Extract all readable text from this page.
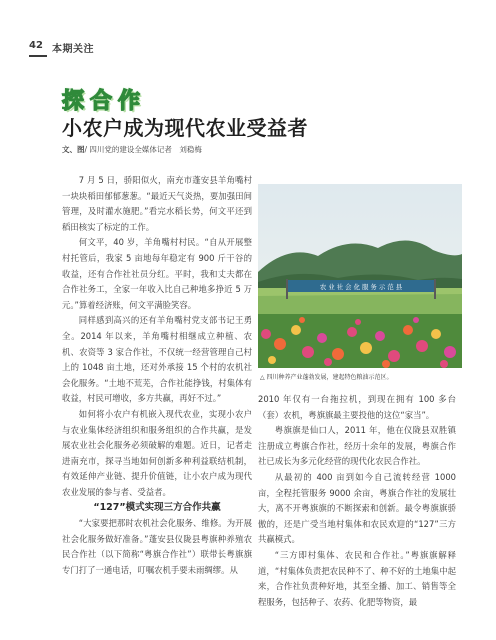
42 本期关注
探合作
小农户成为现代农业受益者
文、图/ 四川党的建设全媒体记者　刘稳梅

7 月 5 日，骄阳似火，南充市蓬安县羊角嘴村一块块稻田郁郁葱葱。“最近天气炎热，要加强田间管理，及时灌水施肥。”看完水稻长势，何文平还到稻田核实了标定的工作。

何文平，40 岁，羊角嘴村村民。“自从开展整村托管后，我家 5 亩地每年稳定有 900 斤干谷的收益，还有合作社社员分红。平时，我和丈夫都在合作社务工，全家一年收入比自己种地多挣近 5 万元。”算着经济账，何文平满脸笑容。

同样感到高兴的还有羊角嘴村党支部书记王勇全。2014 年以来，羊角嘴村相继成立种植、农机、农资等 3 家合作社，不仅统一经营管理自己村上的 1048 亩土地，还对外承接 15 个村的农机社会化服务。“土地不荒芜，合作社能挣钱，村集体有收益，村民可增收，多方共赢，再好不过。”

如何将小农户有机嵌入现代农业，实现小农户与农业集体经济组织和服务组织的合作共赢，是发展农业社会化服务必须破解的难题。近日，记者走进南充市，探寻当地如何创新多种利益联结机制，有效延伸产业链、提升价值链，让小农户成为现代农业发展的参与者、受益者。

“127”模式实现三方合作共赢

“大家要把那时农机社会化服务、维修。为开展社会化服务做好准备。”蓬安县仪陇县粤旗种养殖农民合作社（以下简称“粤旗合作社”）联带长粤旗旗专门打了一通电话，叮嘱农机手要未雨绸缪。从

农 业 社 会 化 服 务 示 范 县
△ 四川种养产业蓬勃发展，建起特色粮油示范区。

2010 年仅有一台拖拉机，到现在拥有 100 多台（套）农机，粤旗旗最主要投他的这位“家当”。

粤旗旗是仙口人，2011 年，他在仪陇县双胜镇注册成立粤旗合作社，经历十余年的发展，粤旗合作社已成长为多元化经营的现代化农民合作社。

从最初的 400 亩到如今自己流转经营 1000 亩，全程托管服务 9000 余亩，粤旗合作社的发展壮大，离不开粤旗旗的不断探索和创新。最令粤旗旗骄傲的，还是广受当地村集体和农民欢迎的“127”三方共赢模式。

“三方即村集体、农民和合作社。”粤旗旗解释道，“村集体负责把农民种不了、种不好的土地集中起来，合作社负责种好地，其至全播、加工、销售等全程服务，包括种子、农药、化肥等物资，最
